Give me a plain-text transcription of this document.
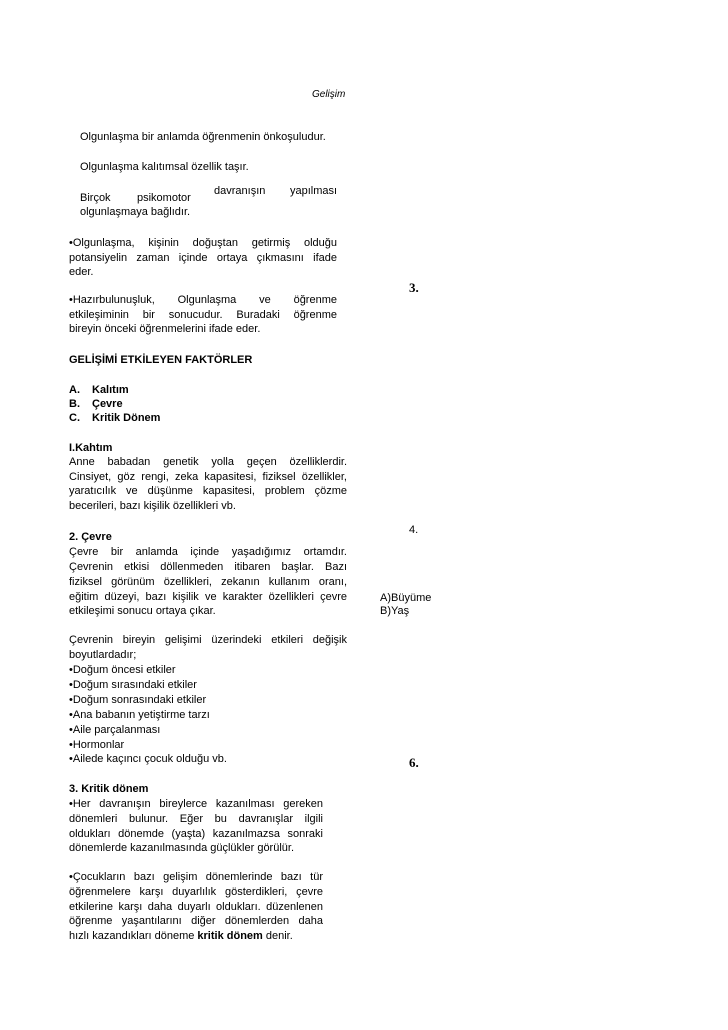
Gelişim
Olgunlaşma bir anlamda öğrenmenin önkoşuludur.
Olgunlaşma kalıtımsal özellik taşır.
Birçok psikomotor
davranışın yapılması
olgunlaşmaya bağlıdır.
•Olgunlaşma, kişinin doğuştan getirmiş olduğu
potansiyelin zaman içinde ortaya çıkmasını ifade
eder.
•Hazırbulunuşluk, Olgunlaşma ve öğrenme
etkileşiminin bir sonucudur. Buradaki öğrenme
bireyin önceki öğrenmelerini ifade eder.
GELİŞİMİ ETKİLEYEN FAKTÖRLER
A. Kalıtım
B. Çevre
C. Kritik Dönem
I.Kahtım
Anne babadan genetik yolla geçen özelliklerdir.
Cinsiyet, göz rengi, zeka kapasitesi, fiziksel özellikler,
yaratıcılık ve düşünme kapasitesi, problem çözme
becerileri, bazı kişilik özellikleri vb.
2. Çevre
Çevre bir anlamda içinde yaşadığımız ortamdır.
Çevrenin etkisi döllenmeden itibaren başlar. Bazı
fiziksel görünüm özellikleri, zekanın kullanım oranı,
eğitim düzeyi, bazı kişilik ve karakter özellikleri çevre
etkileşimi sonucu ortaya çıkar.
Çevrenin bireyin gelişimi üzerindeki etkileri değişik
boyutlardadır;
•Doğum öncesi etkiler
•Doğum sırasındaki etkiler
•Doğum sonrasındaki etkiler
•Ana babanın yetiştirme tarzı
•Aile parçalanması
•Hormonlar
•Ailede kaçıncı çocuk olduğu vb.
3. Kritik dönem
•Her davranışın bireylerce kazanılması gereken
dönemleri bulunur. Eğer bu davranışlar ilgili
oldukları dönemde (yaşta) kazanılmazsa sonraki
dönemlerde kazanılmasında güçlükler görülür.
•Çocukların bazı gelişim dönemlerinde bazı tür
öğrenmelere karşı duyarlılık gösterdikleri, çevre
etkilerine karşı daha duyarlı oldukları. düzenlenen
öğrenme yaşantılarını diğer dönemlerden daha
hızlı kazandıkları döneme kritik dönem denir.
3.
4.
A)Büyüme
B)Yaş
6.
